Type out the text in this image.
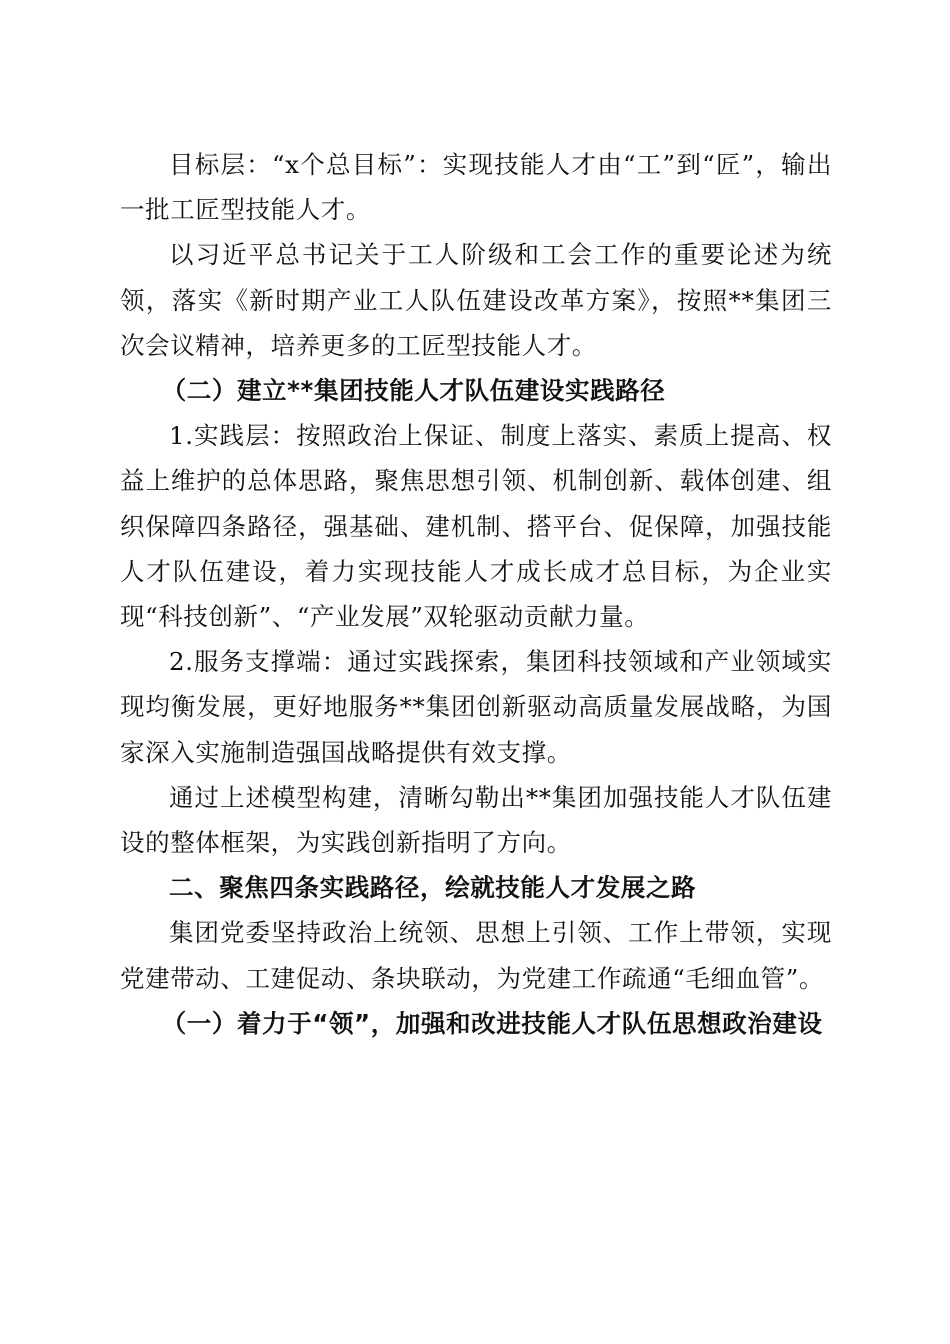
目标层：“x个总目标”：实现技能人才由“工”到“匠”，输出一批工匠型技能人才。

以习近平总书记关于工人阶级和工会工作的重要论述为统领，落实《新时期产业工人队伍建设改革方案》，按照**集团三次会议精神，培养更多的工匠型技能人才。

（二）建立**集团技能人才队伍建设实践路径

1.实践层：按照政治上保证、制度上落实、素质上提高、权益上维护的总体思路，聚焦思想引领、机制创新、载体创建、组织保障四条路径，强基础、建机制、搭平台、促保障，加强技能人才队伍建设，着力实现技能人才成长成才总目标，为企业实现“科技创新”、“产业发展”双轮驱动贡献力量。

2.服务支撑端：通过实践探索，集团科技领域和产业领域实现均衡发展，更好地服务**集团创新驱动高质量发展战略，为国家深入实施制造强国战略提供有效支撑。

通过上述模型构建，清晰勾勒出**集团加强技能人才队伍建设的整体框架，为实践创新指明了方向。

二、聚焦四条实践路径，绘就技能人才发展之路

集团党委坚持政治上统领、思想上引领、工作上带领，实现党建带动、工建促动、条块联动，为党建工作疏通“毛细血管”。

（一）着力于“领”，加强和改进技能人才队伍思想政治建设
